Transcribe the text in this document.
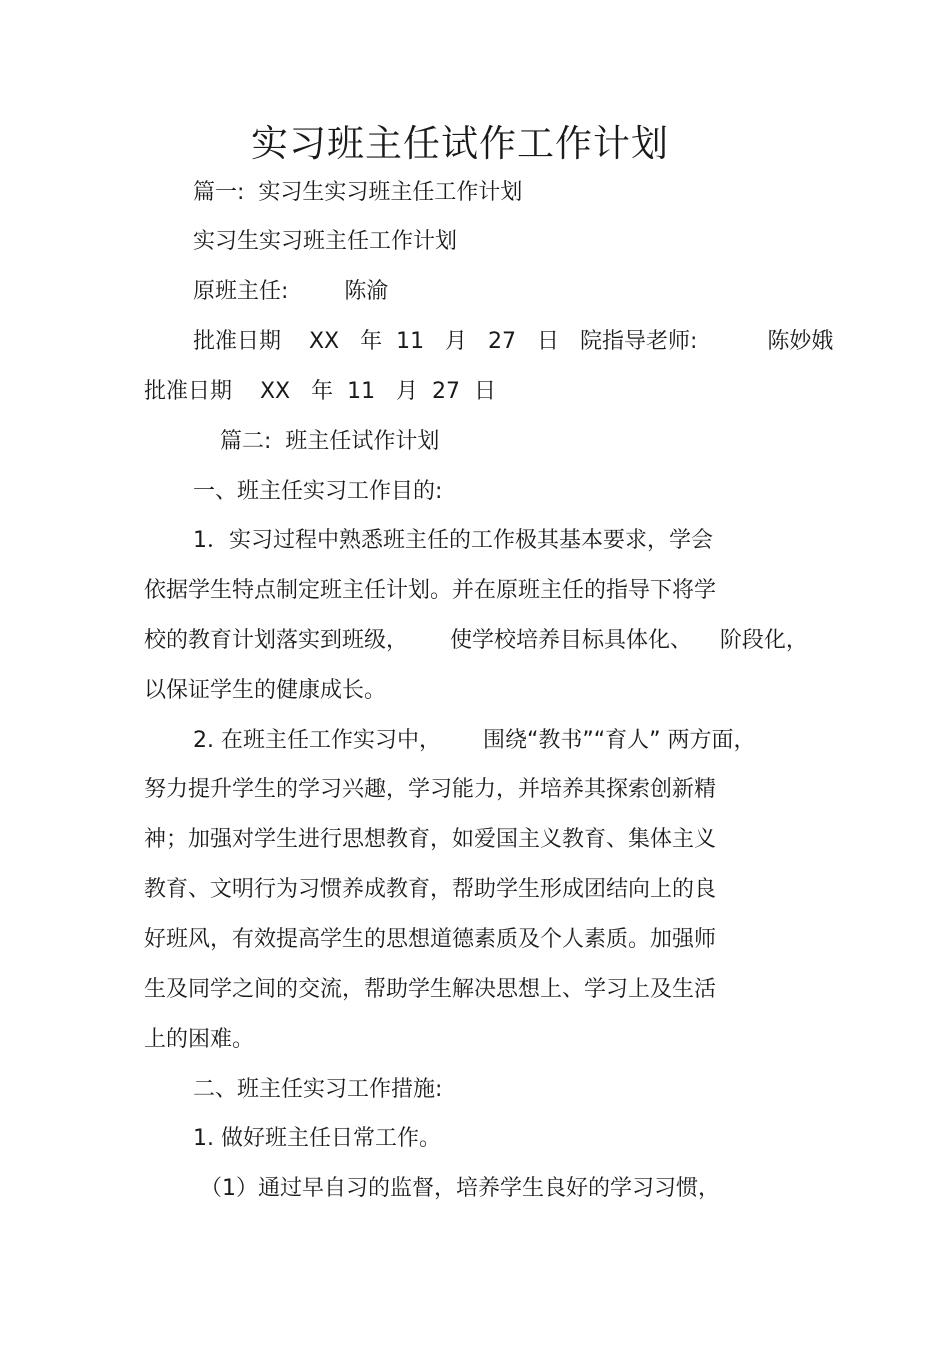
实习班主任试作工作计划
篇一:  实习生实习班主任工作计划
实习生实习班主任工作计划
原班主任:        陈渝
批准日期    XX   年  11   月   27   日   院指导老师:          陈妙娥
批准日期    XX   年  11   月  27  日
篇二:  班主任试作计划
一、班主任实习工作目的:
1．实习过程中熟悉班主任的工作极其基本要求，学会
依据学生特点制定班主任计划。并在原班主任的指导下将学
校的教育计划落实到班级，      使学校培养目标具体化、    阶段化，
以保证学生的健康成长。
2. 在班主任工作实习中，      围绕“教书”“育人” 两方面，
努力提升学生的学习兴趣，学习能力，并培养其探索创新精
神；加强对学生进行思想教育，如爱国主义教育、集体主义
教育、文明行为习惯养成教育，帮助学生形成团结向上的良
好班风，有效提高学生的思想道德素质及个人素质。加强师
生及同学之间的交流，帮助学生解决思想上、学习上及生活
上的困难。
二、班主任实习工作措施:
1. 做好班主任日常工作。
（1）通过早自习的监督，培养学生良好的学习习惯，
